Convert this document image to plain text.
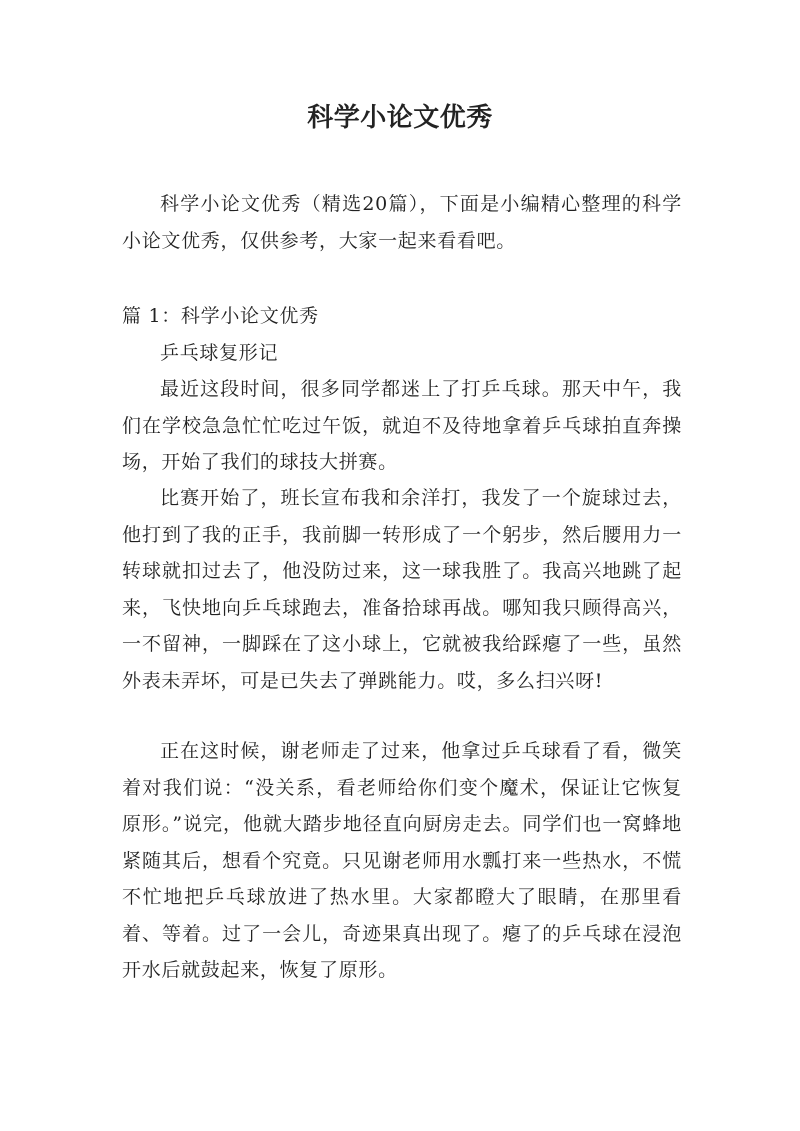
科学小论文优秀

科学小论文优秀（精选20篇），下面是小编精心整理的科学小论文优秀，仅供参考，大家一起来看看吧。

篇 1：科学小论文优秀

乒乓球复形记

最近这段时间，很多同学都迷上了打乒乓球。那天中午，我们在学校急急忙忙吃过午饭，就迫不及待地拿着乒乓球拍直奔操场，开始了我们的球技大拼赛。

比赛开始了，班长宣布我和余洋打，我发了一个旋球过去，他打到了我的正手，我前脚一转形成了一个躬步，然后腰用力一转球就扣过去了，他没防过来，这一球我胜了。我高兴地跳了起来，飞快地向乒乓球跑去，准备拾球再战。哪知我只顾得高兴，一不留神，一脚踩在了这小球上，它就被我给踩瘪了一些，虽然外表未弄坏，可是已失去了弹跳能力。哎，多么扫兴呀!

正在这时候，谢老师走了过来，他拿过乒乓球看了看，微笑着对我们说：“没关系，看老师给你们变个魔术，保证让它恢复原形。”说完，他就大踏步地径直向厨房走去。同学们也一窝蜂地紧随其后，想看个究竟。只见谢老师用水瓢打来一些热水，不慌不忙地把乒乓球放进了热水里。大家都瞪大了眼睛，在那里看着、等着。过了一会儿，奇迹果真出现了。瘪了的乒乓球在浸泡开水后就鼓起来，恢复了原形。
